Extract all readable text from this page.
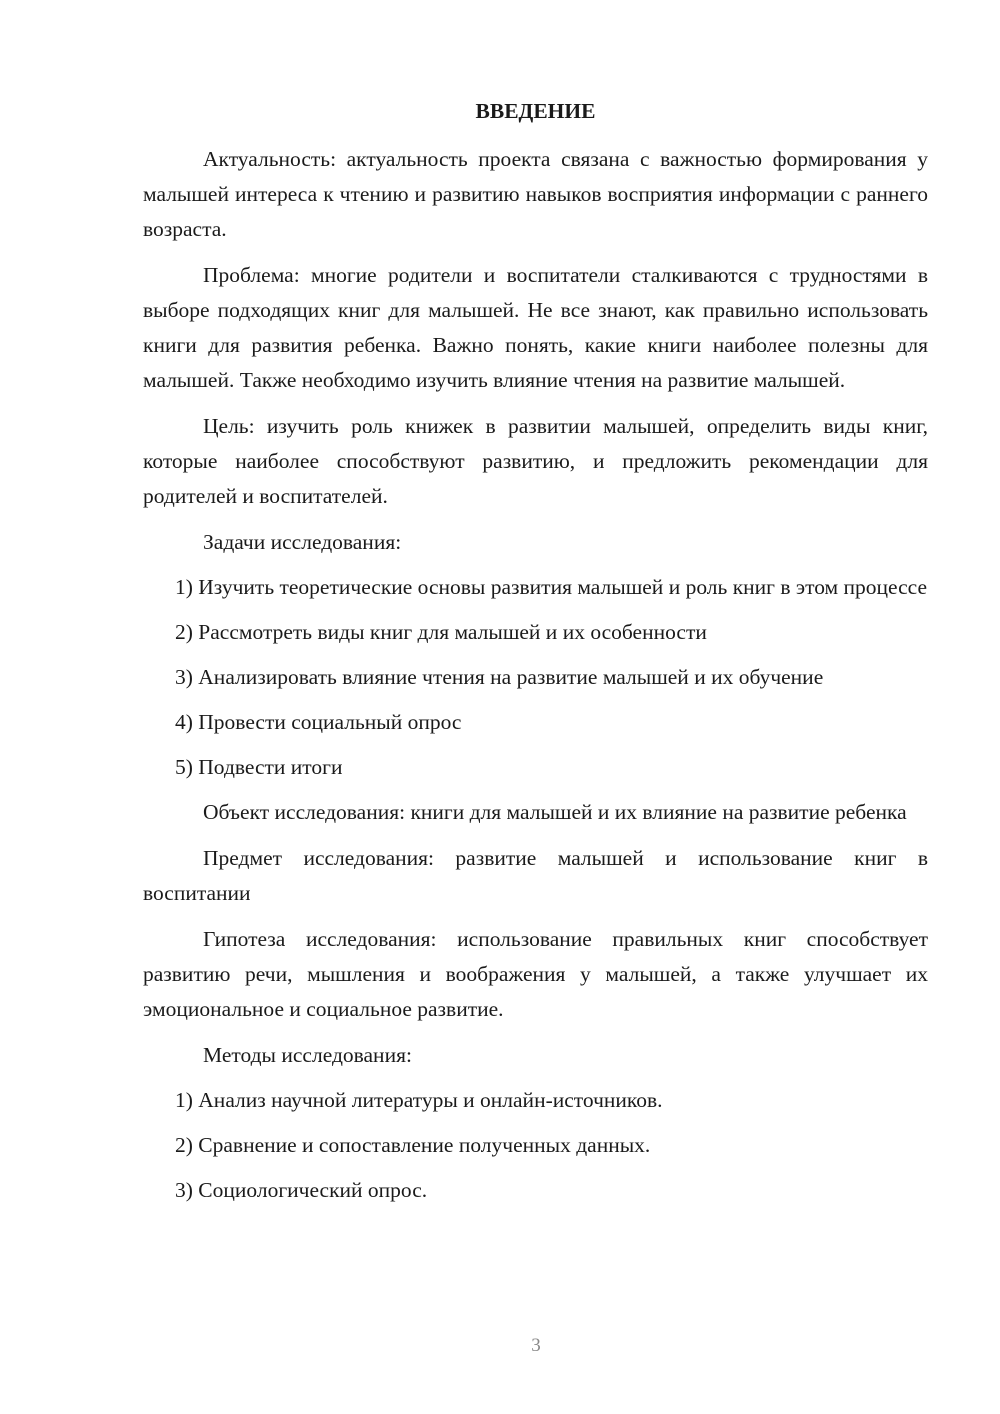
ВВЕДЕНИЕ

Актуальность: актуальность проекта связана с важностью формирования у малышей интереса к чтению и развитию навыков восприятия информации с раннего возраста.

Проблема: многие родители и воспитатели сталкиваются с трудностями в выборе подходящих книг для малышей. Не все знают, как правильно использовать книги для развития ребенка. Важно понять, какие книги наиболее полезны для малышей. Также необходимо изучить влияние чтения на развитие малышей.

Цель: изучить роль книжек в развитии малышей, определить виды книг, которые наиболее способствуют развитию, и предложить рекомендации для родителей и воспитателей.

Задачи исследования:

1) Изучить теоретические основы развития малышей и роль книг в этом процессе

2) Рассмотреть виды книг для малышей и их особенности

3) Анализировать влияние чтения на развитие малышей и их обучение

4) Провести социальный опрос

5) Подвести итоги

Объект исследования: книги для малышей и их влияние на развитие ребенка

Предмет исследования: развитие малышей и использование книг в воспитании

Гипотеза исследования: использование правильных книг способствует развитию речи, мышления и воображения у малышей, а также улучшает их эмоциональное и социальное развитие.

Методы исследования:

1) Анализ научной литературы и онлайн-источников.

2) Сравнение и сопоставление полученных данных.

3) Социологический опрос.

3
